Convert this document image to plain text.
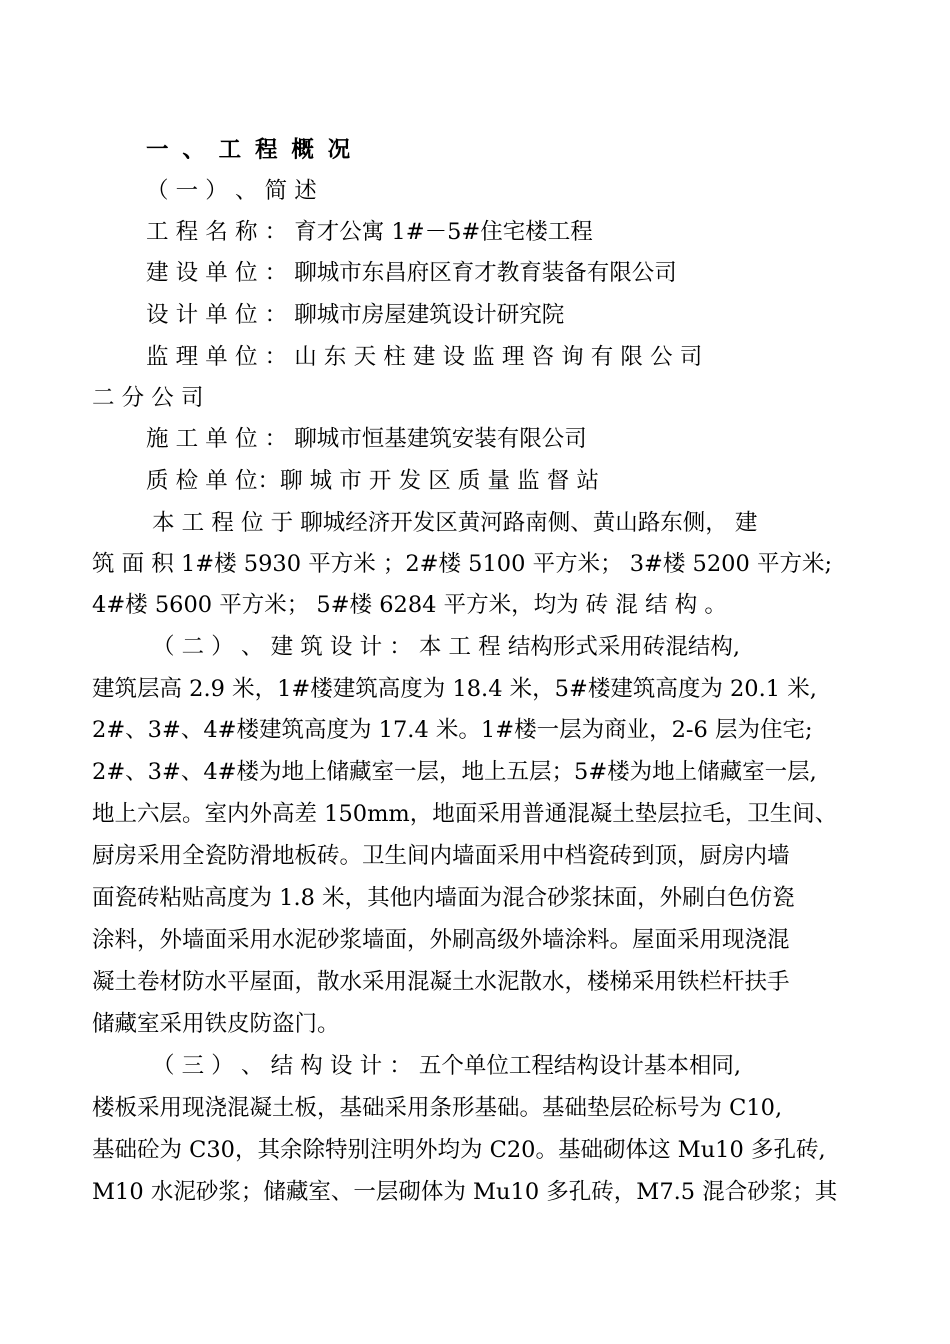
一 、 工 程 概 况
（ 一 ） 、 简 述
工 程 名 称 ： 育才公寓 1#－5#住宅楼工程
建 设 单 位 ： 聊城市东昌府区育才教育装备有限公司
设 计 单 位 ： 聊城市房屋建筑设计研究院
监 理 单 位 ： 山 东 天 柱 建 设 监 理 咨 询 有 限 公 司
二 分 公 司
施 工 单 位 ： 聊城市恒基建筑安装有限公司
质 检 单 位：聊 城 市 开 发 区 质 量 监 督 站
本 工 程 位 于 聊城经济开发区黄河路南侧、黄山路东侧， 建
筑 面 积 1#楼 5930 平方米 ；2#楼 5100 平方米； 3#楼 5200 平方米;
4#楼 5600 平方米； 5#楼 6284 平方米，均为 砖 混 结 构 。
（ 二 ） 、 建 筑 设 计 ： 本 工 程 结构形式采用砖混结构,
建筑层高 2.9 米，1#楼建筑高度为 18.4 米，5#楼建筑高度为 20.1 米,
2#、3#、4#楼建筑高度为 17.4 米。1#楼一层为商业，2-6 层为住宅;
2#、3#、4#楼为地上储藏室一层，地上五层；5#楼为地上储藏室一层,
地上六层。室内外高差 150mm，地面采用普通混凝土垫层拉毛，卫生间、
厨房采用全瓷防滑地板砖。卫生间内墙面采用中档瓷砖到顶，厨房内墙
面瓷砖粘贴高度为 1.8 米，其他内墙面为混合砂浆抹面，外刷白色仿瓷
涂料，外墙面采用水泥砂浆墙面，外刷高级外墙涂料。屋面采用现浇混
凝土卷材防水平屋面，散水采用混凝土水泥散水，楼梯采用铁栏杆扶手
储藏室采用铁皮防盗门。
（ 三 ） 、 结 构 设 计 ： 五个单位工程结构设计基本相同,
楼板采用现浇混凝土板，基础采用条形基础。基础垫层砼标号为 C10,
基础砼为 C30，其余除特别注明外均为 C20。基础砌体这 Mu10 多孔砖,
M10 水泥砂浆；储藏室、一层砌体为 Mu10 多孔砖，M7.5 混合砂浆；其
